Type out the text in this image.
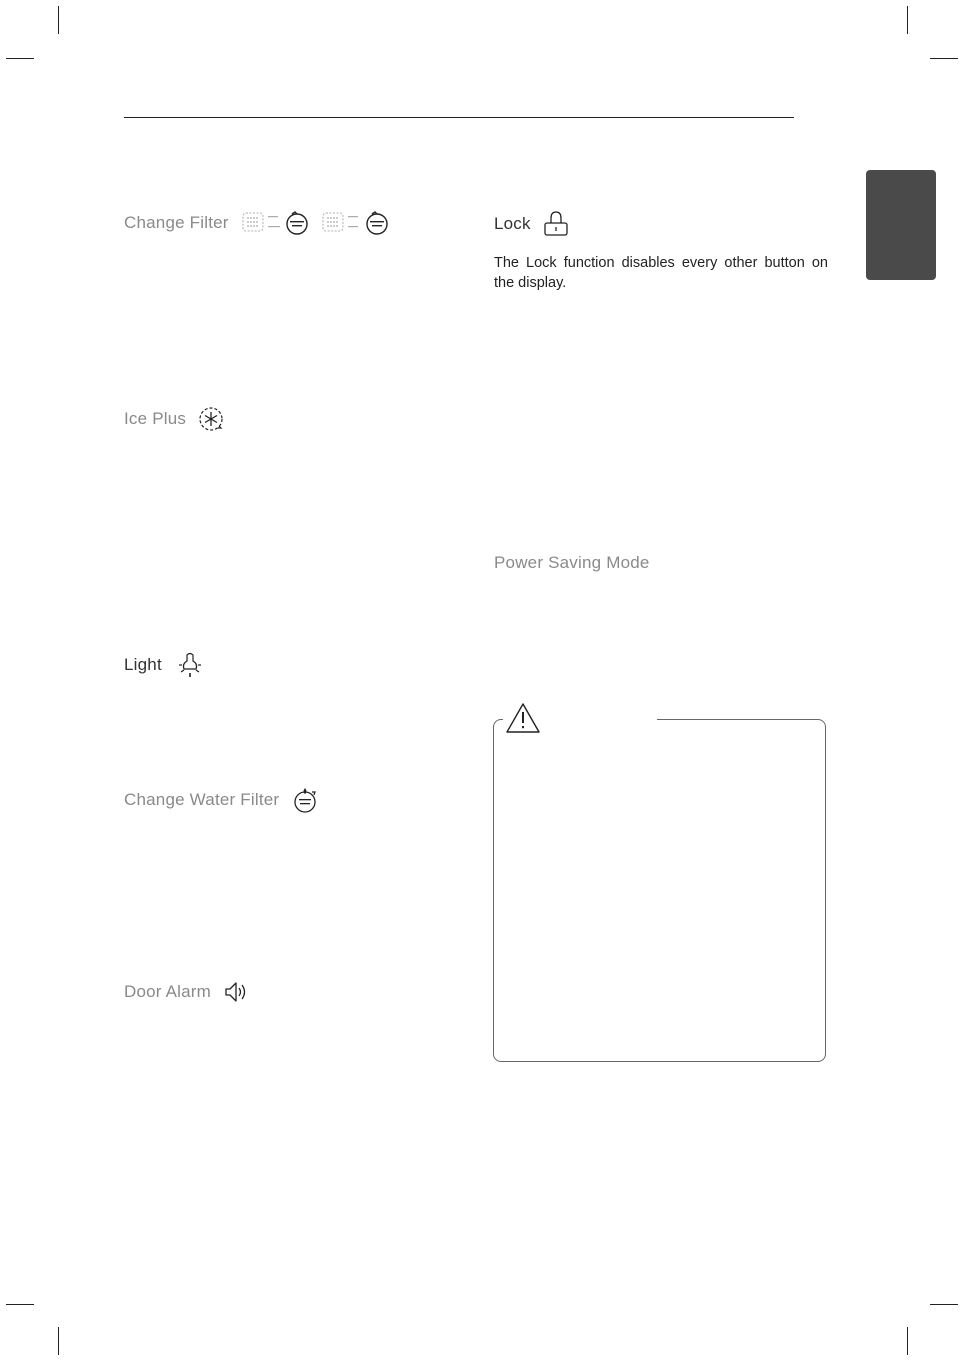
Change Filter
Ice Plus
Light
Change Water Filter
Door Alarm
Lock
The Lock function disables every other button on the display.
Power Saving Mode
